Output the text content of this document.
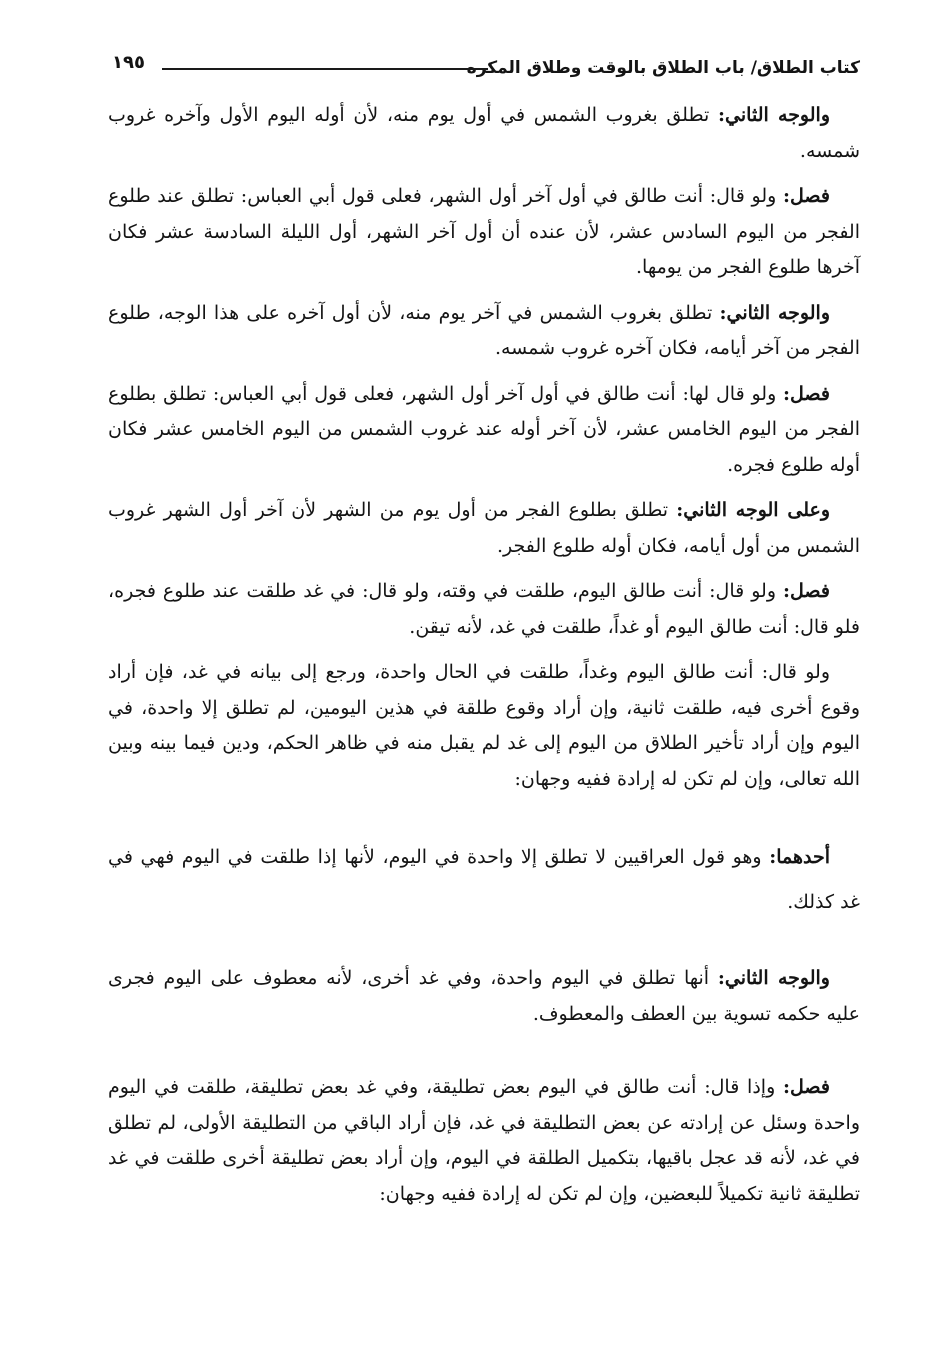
كتاب الطلاق/ باب الطلاق بالوقت وطلاق المكره
١٩٥

والوجه الثاني: تطلق بغروب الشمس في أول يوم منه، لأن أوله اليوم الأول وآخره غروب شمسه.

فصل: ولو قال: أنت طالق في أول آخر أول الشهر، فعلى قول أبي العباس: تطلق عند طلوع الفجر من اليوم السادس عشر، لأن عنده أن أول آخر الشهر، أول الليلة السادسة عشر فكان آخرها طلوع الفجر من يومها.

والوجه الثاني: تطلق بغروب الشمس في آخر يوم منه، لأن أول آخره على هذا الوجه، طلوع الفجر من آخر أيامه، فكان آخره غروب شمسه.

فصل: ولو قال لها: أنت طالق في أول آخر أول الشهر، فعلى قول أبي العباس: تطلق بطلوع الفجر من اليوم الخامس عشر، لأن آخر أوله عند غروب الشمس من اليوم الخامس عشر فكان أوله طلوع فجره.

وعلى الوجه الثاني: تطلق بطلوع الفجر من أول يوم من الشهر لأن آخر أول الشهر غروب الشمس من أول أيامه، فكان أوله طلوع الفجر.

فصل: ولو قال: أنت طالق اليوم، طلقت في وقته، ولو قال: في غد طلقت عند طلوع فجره، فلو قال: أنت طالق اليوم أو غداً، طلقت في غد، لأنه تيقن.

ولو قال: أنت طالق اليوم وغداً، طلقت في الحال واحدة، ورجع إلى بيانه في غد، فإن أراد وقوع أخرى فيه، طلقت ثانية، وإن أراد وقوع طلقة في هذين اليومين، لم تطلق إلا واحدة، في اليوم وإن أراد تأخير الطلاق من اليوم إلى غد لم يقبل منه في ظاهر الحكم، ودين فيما بينه وبين الله تعالى، وإن لم تكن له إرادة ففيه وجهان:

أحدهما: وهو قول العراقيين لا تطلق إلا واحدة في اليوم، لأنها إذا طلقت في اليوم فهي في غد كذلك.

والوجه الثاني: أنها تطلق في اليوم واحدة، وفي غد أخرى، لأنه معطوف على اليوم فجرى عليه حكمه تسوية بين العطف والمعطوف.

فصل: وإذا قال: أنت طالق في اليوم بعض تطليقة، وفي غد بعض تطليقة، طلقت في اليوم واحدة وسئل عن إرادته عن بعض التطليقة في غد، فإن أراد الباقي من التطليقة الأولى، لم تطلق في غد، لأنه قد عجل باقيها، بتكميل الطلقة في اليوم، وإن أراد بعض تطليقة أخرى طلقت في غد تطليقة ثانية تكميلاً للبعضين، وإن لم تكن له إرادة ففيه وجهان:
